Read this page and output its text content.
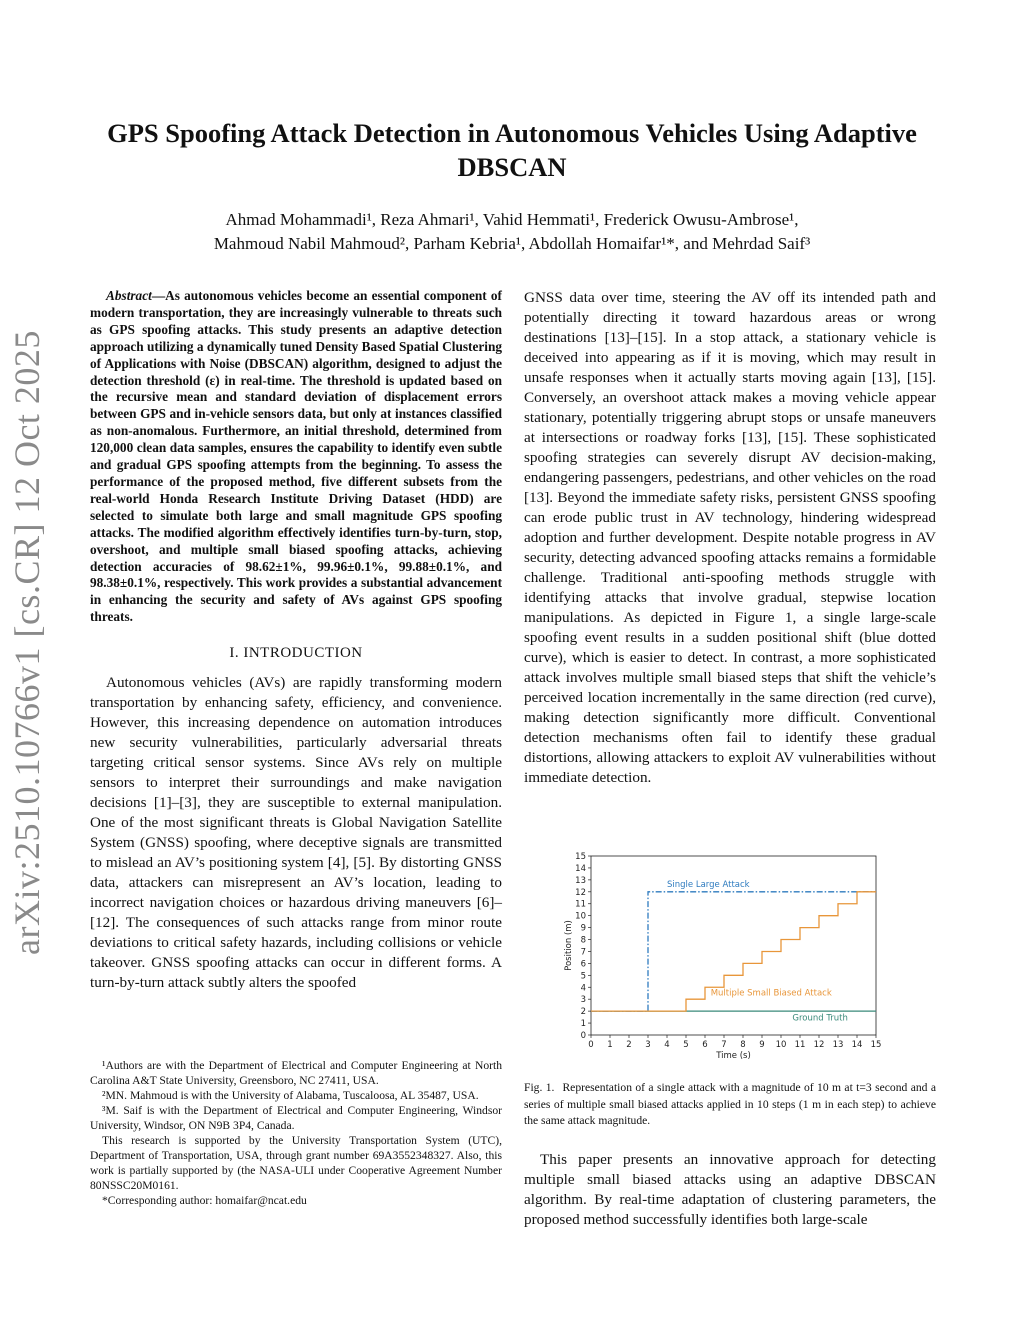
arXiv:2510.10766v1 [cs.CR] 12 Oct 2025
GPS Spoofing Attack Detection in Autonomous Vehicles Using Adaptive DBSCAN

Ahmad Mohammadi¹, Reza Ahmari¹, Vahid Hemmati¹, Frederick Owusu-Ambrose¹,

Mahmoud Nabil Mahmoud², Parham Kebria¹, Abdollah Homaifar¹*, and Mehrdad Saif³

Abstract—As autonomous vehicles become an essential component of modern transportation, they are increasingly vulnerable to threats such as GPS spoofing attacks. This study presents an adaptive detection approach utilizing a dynamically tuned Density Based Spatial Clustering of Applications with Noise (DBSCAN) algorithm, designed to adjust the detection threshold (ε) in real-time. The threshold is updated based on the recursive mean and standard deviation of displacement errors between GPS and in-vehicle sensors data, but only at instances classified as non-anomalous. Furthermore, an initial threshold, determined from 120,000 clean data samples, ensures the capability to identify even subtle and gradual GPS spoofing attempts from the beginning. To assess the performance of the proposed method, five different subsets from the real-world Honda Research Institute Driving Dataset (HDD) are selected to simulate both large and small magnitude GPS spoofing attacks. The modified algorithm effectively identifies turn-by-turn, stop, overshoot, and multiple small biased spoofing attacks, achieving detection accuracies of 98.62±1%, 99.96±0.1%, 99.88±0.1%, and 98.38±0.1%, respectively. This work provides a substantial advancement in enhancing the security and safety of AVs against GPS spoofing threats.

I. INTRODUCTION

Autonomous vehicles (AVs) are rapidly transforming modern transportation by enhancing safety, efficiency, and convenience. However, this increasing dependence on automation introduces new security vulnerabilities, particularly adversarial threats targeting critical sensor systems. Since AVs rely on multiple sensors to interpret their surroundings and make navigation decisions [1]–[3], they are susceptible to external manipulation. One of the most significant threats is Global Navigation Satellite System (GNSS) spoofing, where deceptive signals are transmitted to mislead an AV’s positioning system [4], [5]. By distorting GNSS data, attackers can misrepresent an AV’s location, leading to incorrect navigation choices or hazardous driving maneuvers [6]–[12]. The consequences of such attacks range from minor route deviations to critical safety hazards, including collisions or vehicle takeover. GNSS spoofing attacks can occur in different forms. A turn-by-turn attack subtly alters the spoofed

¹Authors are with the Department of Electrical and Computer Engineering at North Carolina A&T State University, Greensboro, NC 27411, USA.

²MN. Mahmoud is with the University of Alabama, Tuscaloosa, AL 35487, USA.

³M. Saif is with the Department of Electrical and Computer Engineering, Windsor University, Windsor, ON N9B 3P4, Canada.

This research is supported by the University Transportation System (UTC), Department of Transportation, USA, through grant number 69A3552348327. Also, this work is partially supported by (the NASA-ULI under Cooperative Agreement Number 80NSSC20M0161.

*Corresponding author: homaifar@ncat.edu

GNSS data over time, steering the AV off its intended path and potentially directing it toward hazardous areas or wrong destinations [13]–[15]. In a stop attack, a stationary vehicle is deceived into appearing as if it is moving, which may result in unsafe responses when it actually starts moving again [13], [15]. Conversely, an overshoot attack makes a moving vehicle appear stationary, potentially triggering abrupt stops or unsafe maneuvers at intersections or roadway forks [13], [15]. These sophisticated spoofing strategies can severely disrupt AV decision-making, endangering passengers, pedestrians, and other vehicles on the road [13]. Beyond the immediate safety risks, persistent GNSS spoofing can erode public trust in AV technology, hindering widespread adoption and further development. Despite notable progress in AV security, detecting advanced spoofing attacks remains a formidable challenge. Traditional anti-spoofing methods struggle with identifying attacks that involve gradual, stepwise location manipulations. As depicted in Figure 1, a single large-scale spoofing event results in a sudden positional shift (blue dotted curve), which is easier to detect. In contrast, a more sophisticated attack involves multiple small biased steps that shift the vehicle’s perceived location incrementally in the same direction (red curve), making detection significantly more difficult. Conventional detection mechanisms often fail to identify these gradual distortions, allowing attackers to exploit AV vulnerabilities without immediate detection.

0 1 2 3 4 5 6 7 8 9 10 11 12 13 14 15
0
1
2
3
4
5
6
7
8
9
10
11
12
13
14
15
Time (s)
Position (m)
Single Large Attack
Multiple Small Biased Attack
Ground Truth
Fig. 1. Representation of a single attack with a magnitude of 10 m at t=3 second and a series of multiple small biased attacks applied in 10 steps (1 m in each step) to achieve the same attack magnitude.

This paper presents an innovative approach for detecting multiple small biased attacks using an adaptive DBSCAN algorithm. By real-time adaptation of clustering parameters, the proposed method successfully identifies both large-scale
